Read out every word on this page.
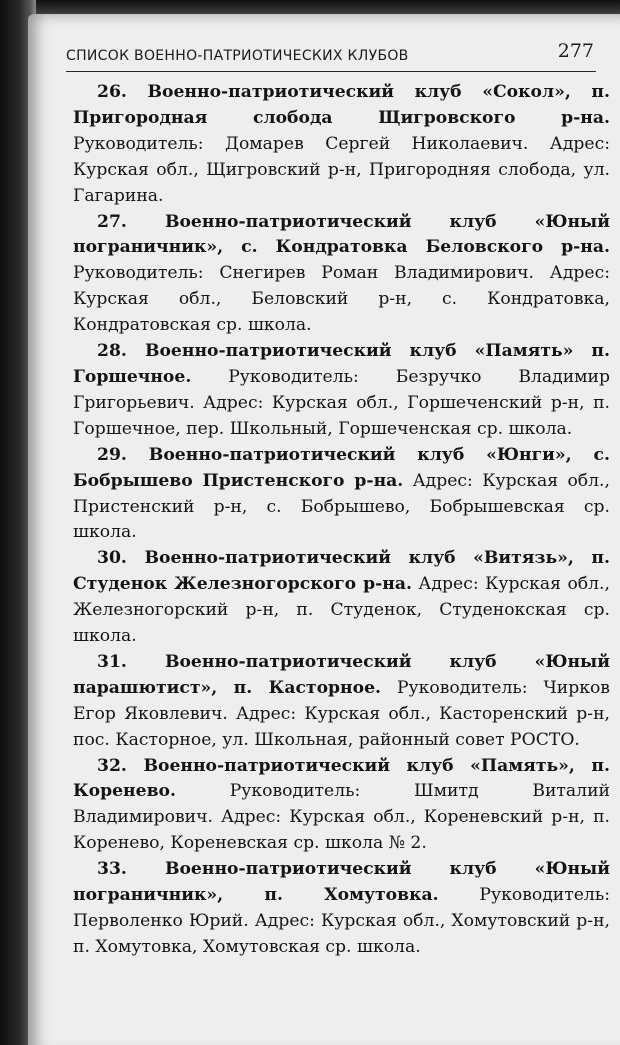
СПИСОК ВОЕННО-ПАТРИОТИЧЕСКИХ КЛУБОВ	277

26. Военно-патриотический клуб «Сокол», п. Пригородная слобода Щигровского р-на. Руководитель: Домарев Сергей Николаевич. Адрес: Курская обл., Щигровский р-н, Пригородняя слобода, ул. Гагарина.

27. Военно-патриотический клуб «Юный пограничник», с. Кондратовка Беловского р-на. Руководитель: Снегирев Роман Владимирович. Адрес: Курская обл., Беловский р-н, с. Кондратовка, Кондратовская ср. школа.

28. Военно-патриотический клуб «Память» п. Горшечное. Руководитель: Безручко Владимир Григорьевич. Адрес: Курская обл., Горшеченский р-н, п. Горшечное, пер. Школьный, Горшеченская ср. школа.

29. Военно-патриотический клуб «Юнги», с. Бобрышево Пристенского р-на. Адрес: Курская обл., Пристенский р-н, с. Бобрышево, Бобрышевская ср. школа.

30. Военно-патриотический клуб «Витязь», п. Студенок Железногорского р-на. Адрес: Курская обл., Железногорский р-н, п. Студенок, Студенокская ср. школа.

31. Военно-патриотический клуб «Юный парашютист», п. Касторное. Руководитель: Чирков Егор Яковлевич. Адрес: Курская обл., Касторенский р-н, пос. Касторное, ул. Школьная, районный совет РОСТО.

32. Военно-патриотический клуб «Память», п. Коренево.	Руководитель: Шмитд Виталий Владимирович. Адрес: Курская обл., Кореневский р-н, п. Коренево, Кореневская ср. школа № 2.

33. Военно-патриотический клуб «Юный пограничник», п. Хомутовка. Руководитель: Перволенко Юрий. Адрес: Курская обл., Хомутовский р-н, п. Хомутовка, Хомутовская ср. школа.
